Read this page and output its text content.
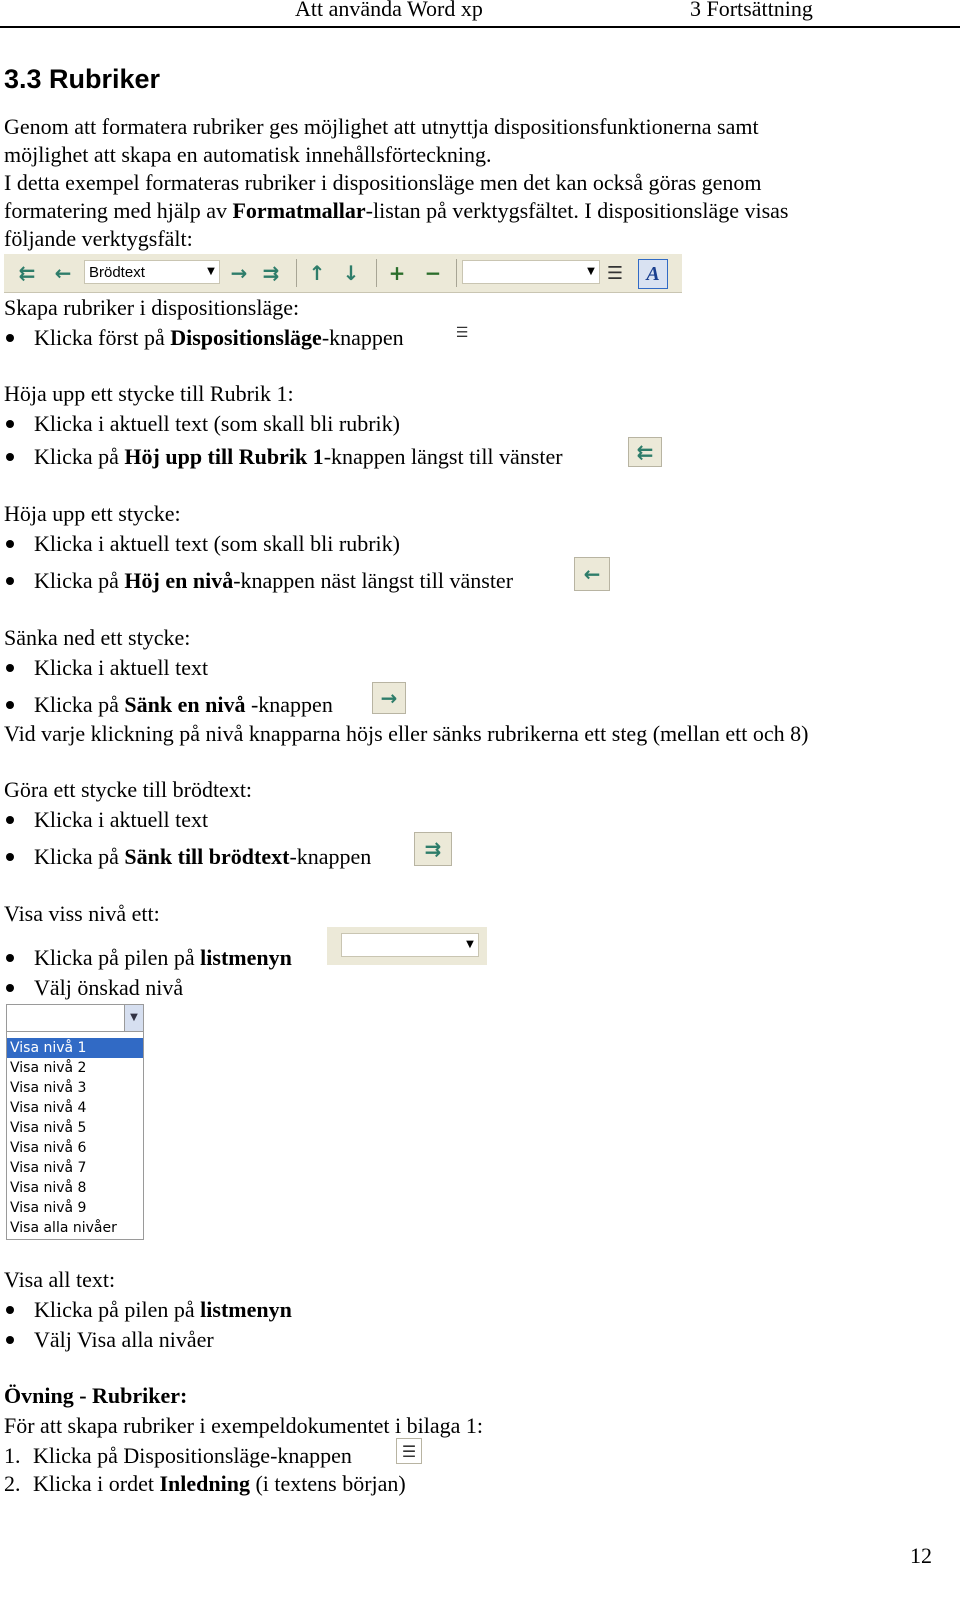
Att använda Word xp	3 Fortsättning
3.3 Rubriker
Genom att formatera rubriker ges möjlighet att utnyttja dispositionsfunktionerna samt
möjlighet att skapa en automatisk innehållsförteckning.
I detta exempel formateras rubriker i dispositionsläge men det kan också göras genom
formatering med hjälp av Formatmallar-listan på verktygsfältet. I dispositionsläge visas
följande verktygsfält:
⇇ ←	Brödtext	▼ → ⇉ ↑ ↓ + −	▼ ☰	A
Skapa rubriker i dispositionsläge:
Klicka först på Dispositionsläge-knappen	☰
Höja upp ett stycke till Rubrik 1:
Klicka i aktuell text (som skall bli rubrik)
Klicka på Höj upp till Rubrik 1-knappen längst till vänster	⇇
Höja upp ett stycke:
Klicka i aktuell text (som skall bli rubrik)
Klicka på Höj en nivå-knappen näst längst till vänster	←
Sänka ned ett stycke:
Klicka i aktuell text
Klicka på Sänk en nivå -knappen	→
Vid varje klickning på nivå knapparna höjs eller sänks rubrikerna ett steg (mellan ett och 8)
Göra ett stycke till brödtext:
Klicka i aktuell text
Klicka på Sänk till brödtext-knappen	⇉
Visa viss nivå ett:
Klicka på pilen på listmenyn
▼
Välj önskad nivå
▼
Visa nivå 1
Visa nivå 2
Visa nivå 3
Visa nivå 4
Visa nivå 5
Visa nivå 6
Visa nivå 7
Visa nivå 8
Visa nivå 9
Visa alla nivåer
Visa all text:
Klicka på pilen på listmenyn
Välj Visa alla nivåer
Övning - Rubriker:
För att skapa rubriker i exempeldokumentet i bilaga 1:
1. Klicka på Dispositionsläge-knappen	☰
2. Klicka i ordet Inledning (i textens början)
12
